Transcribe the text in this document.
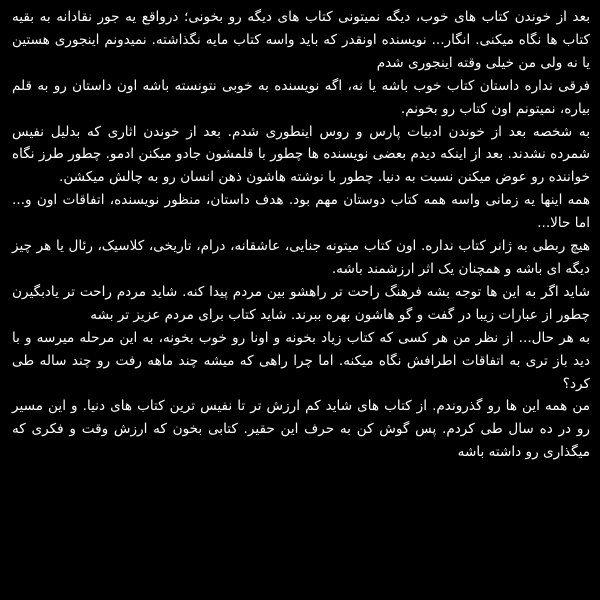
بعد از خوندن کتاب های خوب، دیگه نمیتونی کتاب های دیگه رو بخونی؛ درواقع یه جور نقادانه به بقیه کتاب ها نگاه میکنی. انگار... نویسنده اونقدر که باید واسه کتاب مایه نگذاشته. نمیدونم اینجوری هستین یا نه ولی من خیلی وقته اینجوری شدم

فرقی نداره داستان کتاب خوب باشه یا نه، اگه نویسنده به خوبی نتونسته باشه اون داستان رو به قلم بیاره، نمیتونم اون کتاب رو بخونم.

به شخصه بعد از خوندن ادبیات پارس و روس اینطوری شدم. بعد از خوندن اثاری که بدلیل نفیس شمرده نشدند. بعد از اینکه دیدم بعضی نویسنده ها چطور با قلمشون جادو میکنن ادمو. چطور طرز نگاه خواننده رو عوض میکنن نسبت به دنیا. چطور با نوشته هاشون ذهن انسان رو به چالش میکشن.

همه اینها یه زمانی واسه همه کتاب دوستان مهم بود. هدف داستان، منظور نویسنده، اتفاقات اون و... اما حالا...

هیچ ربطی به ژانر کتاب نداره. اون کتاب میتونه جنایی، عاشقانه، درام، تاریخی، کلاسیک، رئال یا هر چیز دیگه ای باشه و همچنان یک اثر ارزشمند باشه.

شاید اگر به این ها توجه بشه فرهنگ راحت تر راهشو بین مردم پیدا کنه. شاید مردم راحت تر یادبگیرن چطور از عبارات زیبا در گفت و گو هاشون بهره ببرند. شاید کتاب برای مردم عزیز تر بشه

به هر حال... از نظر من هر کسی که کتاب زیاد بخونه و اونا رو خوب بخونه، به این مرحله میرسه و با دید باز تری به اتفاقات اطرافش نگاه میکنه. اما چرا راهی که میشه چند ماهه رفت رو چند ساله طی کرد؟

من همه این ها رو گذروندم. از کتاب های شاید کم ارزش تر تا نفیس ترین کتاب های دنیا. و این مسیر رو در ده سال طی کردم. پس گوش کن به حرف این حقیر. کتابی بخون که ارزش وقت و فکری که میگذاری رو داشته باشه
